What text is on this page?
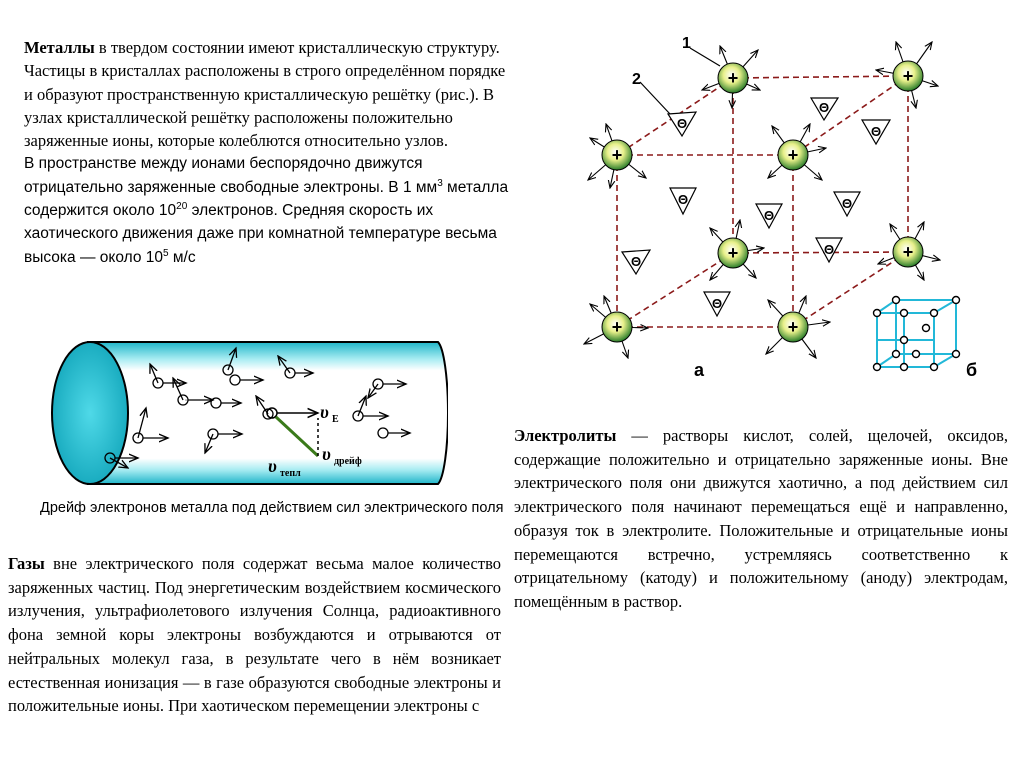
Металлы в твердом состоянии имеют кристаллическую структуру. Частицы в кристаллах расположены в строго определённом порядке и образуют пространственную кристаллическую решётку (рис.). В узлах кристаллической решётку расположены положительно заряженные ионы, которые колеблются относительно узлов.

В пространстве между ионами беспорядочно движутся отрицательно заряженные свободные электроны. В 1 $мм^3$ металла содержится около $10^{20}$ электронов. Средняя скорость их хаотического движения даже при комнатной температуре весьма высока — около $10^5$ м/с

υ E
υ тепл
υ дрейф
Дрейф электронов металла под действием сил электрического поля
Газы вне электрического поля содержат весьма малое количество заряженных частиц. Под энергетическим воздействием космического излучения, ультрафиолетового излучения Солнца, радиоактивного фона земной коры электроны возбуждаются и отрываются от нейтральных молекул газа, в результате чего в нём возникает естественная ионизация — в газе образуются свободные электроны и положительные ионы. При хаотическом перемещении электроны с
Электролиты — растворы кислот, солей, щелочей, оксидов, содержащие положительно и отрицательно заряженные ионы. Вне электрического поля они движутся хаотично, а под действием сил электрического поля начинают перемещаться ещё и направленно, образуя ток в электролите. Положительные и отрицательные ионы перемещаются встречно, устремляясь соответственно к отрицательному (катоду) и положительному (аноду) электродам, помещённым в раствор.
+	+
+	+
+	+
+	+
Θ
Θ
Θ
Θ
Θ
Θ
Θ
Θ
Θ
1
2
а	б
